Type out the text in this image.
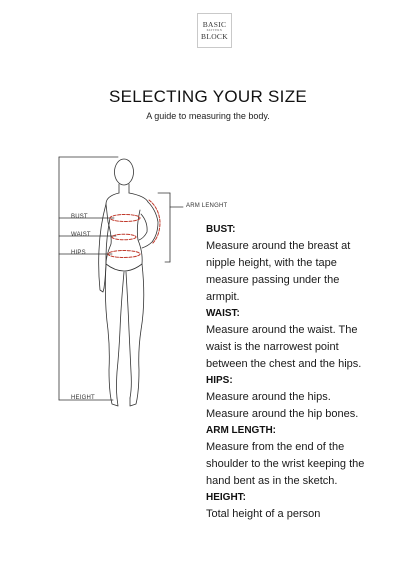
BASIC
PATTERN
BLOCK
SELECTING YOUR SIZE
A guide to measuring the body.
BUST
WAIST
HIPS
HEIGHT
ARM LENGHT
BUST:
Measure around the breast at
nipple height, with the tape
measure passing under the
armpit.
WAIST:
Measure around the waist. The
waist is the narrowest point
between the chest and the hips.
HIPS:
Measure around the hips.
Measure around the hip bones.
ARM LENGTH:
Measure from the end of the
shoulder to the wrist keeping the
hand bent as in the sketch.
HEIGHT:
Total height of a person
